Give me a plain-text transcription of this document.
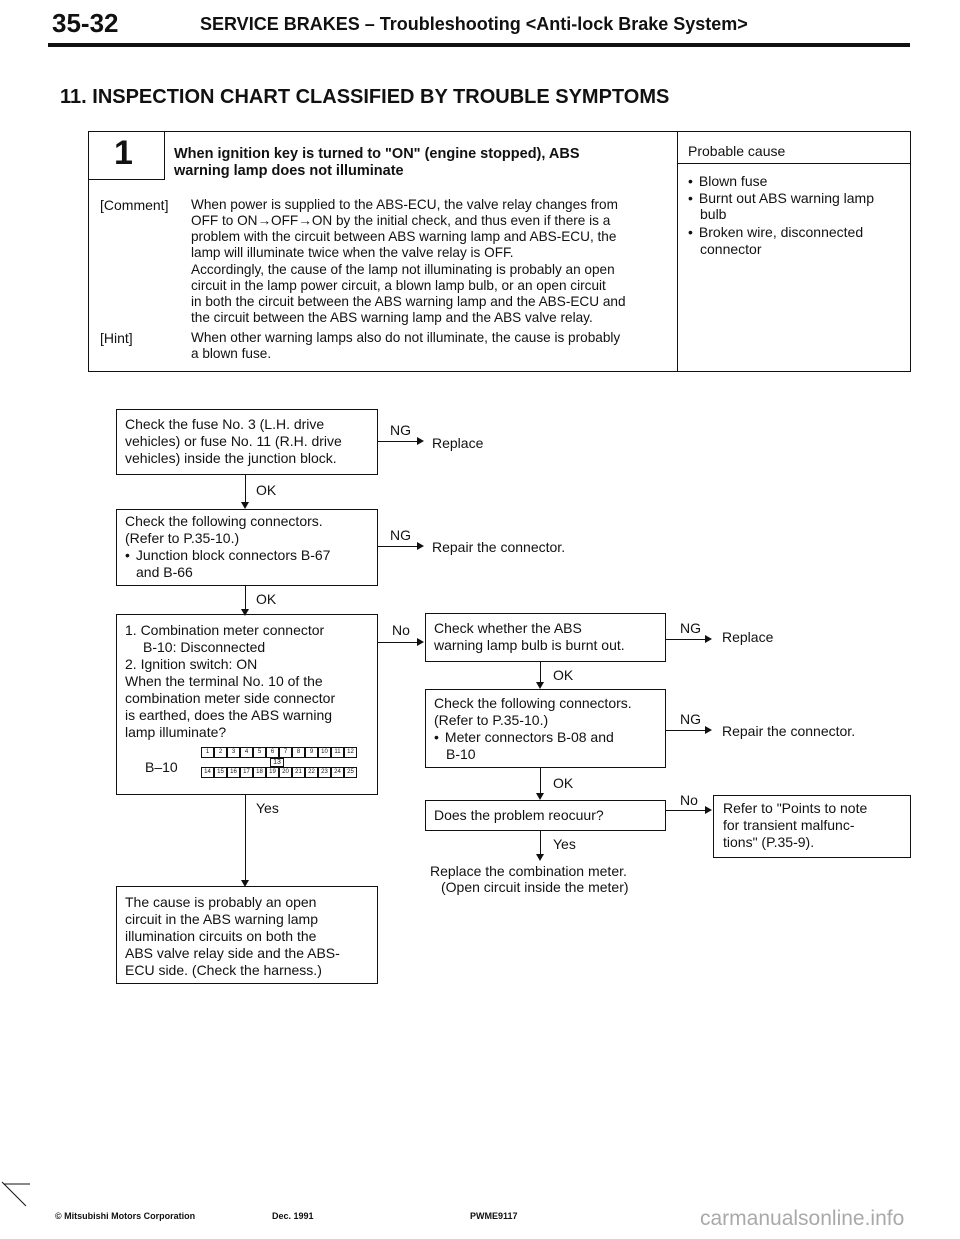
35-32	SERVICE BRAKES – Troubleshooting <Anti-lock Brake System>
11. INSPECTION CHART CLASSIFIED BY TROUBLE SYMPTOMS
1	When ignition key is turned to "ON" (engine stopped), ABS
warning lamp does not illuminate
[Comment] When power is supplied to the ABS-ECU, the valve relay changes from
OFF to ON→OFF→ON by the initial check, and thus even if there is a
problem with the circuit between ABS warning lamp and ABS-ECU, the
lamp will illuminate twice when the valve relay is OFF.
Accordingly, the cause of the lamp not illuminating is probably an open
circuit in the lamp power circuit, a blown lamp bulb, or an open circuit
in both the circuit between the ABS warning lamp and the ABS-ECU and
the circuit between the ABS warning lamp and the ABS valve relay.
[Hint]	When other warning lamps also do not illuminate, the cause is probably
a blown fuse.
Probable cause
• Blown fuse
• Burnt out ABS warning lamp
bulb
• Broken wire, disconnected
connector
Check the fuse No. 3 (L.H. drive
vehicles) or fuse No. 11 (R.H. drive
vehicles) inside the junction block.
NG
Replace
OK
Check the following connectors.
(Refer to P.35-10.)
• Junction block connectors B-67
and B-66
NG
Repair the connector.
OK
1. Combination meter connector
B-10: Disconnected
2. Ignition switch: ON
When the terminal No. 10 of the
combination meter side connector
is earthed, does the ABS warning
lamp illuminate?
B–10
1	2	3	4	5	6	7	8	9	10	11	12
13
14	15	16	17	18	19	20	21	22	23	24	25
No
Yes
The cause is probably an open
circuit in the ABS warning lamp
illumination circuits on both the
ABS valve relay side and the ABS-
ECU side. (Check the harness.)
Check whether the ABS
warning lamp bulb is burnt out.
NG
Replace
OK
Check the following connectors.
(Refer to P.35-10.)
• Meter connectors B-08 and
B-10
NG
Repair the connector.
OK
Does the problem reocuur?
No Refer to "Points to note
for transient malfunc-
tions" (P.35-9).
Yes
Replace the combination meter.
(Open circuit inside the meter)
© Mitsubishi Motors Corporation	Dec. 1991	PWME9117	carmanualsonline.info
